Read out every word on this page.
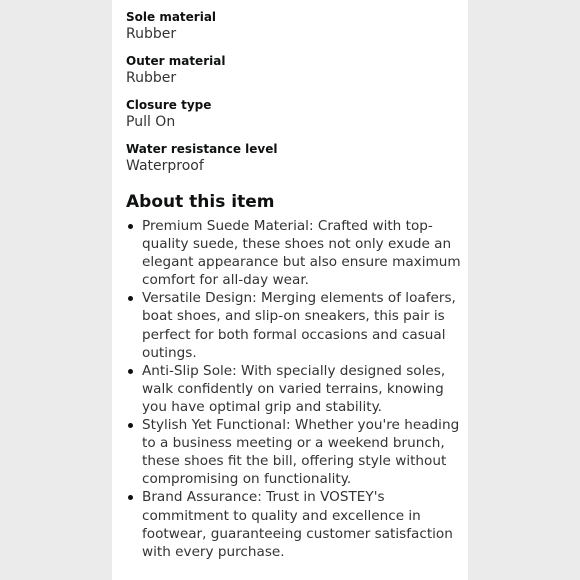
Sole material
Rubber
Outer material
Rubber
Closure type
Pull On
Water resistance level
Waterproof
About this item
Premium Suede Material: Crafted with top-quality suede, these shoes not only exude an elegant appearance but also ensure maximum comfort for all-day wear.
Versatile Design: Merging elements of loafers, boat shoes, and slip-on sneakers, this pair is perfect for both formal occasions and casual outings.
Anti-Slip Sole: With specially designed soles, walk confidently on varied terrains, knowing you have optimal grip and stability.
Stylish Yet Functional: Whether you're heading to a business meeting or a weekend brunch, these shoes fit the bill, offering style without compromising on functionality.
Brand Assurance: Trust in VOSTEY's commitment to quality and excellence in footwear, guaranteeing customer satisfaction with every purchase.
